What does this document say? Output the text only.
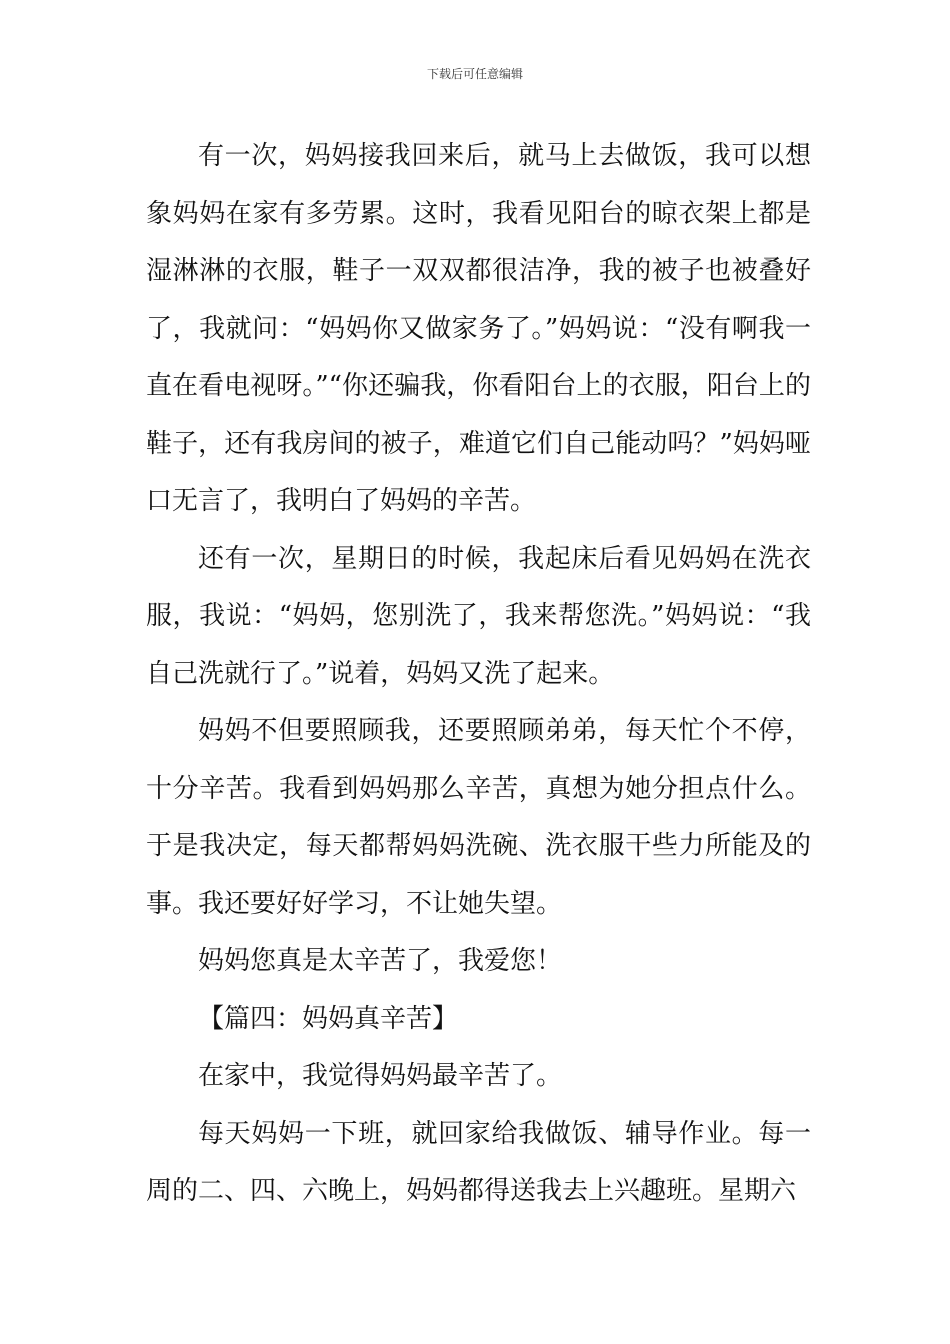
下载后可任意编辑

有一次，妈妈接我回来后，就马上去做饭，我可以想象妈妈在家有多劳累。这时，我看见阳台的晾衣架上都是湿淋淋的衣服，鞋子一双双都很洁净，我的被子也被叠好了，我就问：“妈妈你又做家务了。”妈妈说：“没有啊我一直在看电视呀。”“你还骗我，你看阳台上的衣服，阳台上的鞋子，还有我房间的被子，难道它们自己能动吗？”妈妈哑口无言了，我明白了妈妈的辛苦。

还有一次，星期日的时候，我起床后看见妈妈在洗衣服，我说：“妈妈，您别洗了，我来帮您洗。”妈妈说：“我自己洗就行了。”说着，妈妈又洗了起来。

妈妈不但要照顾我，还要照顾弟弟，每天忙个不停，十分辛苦。我看到妈妈那么辛苦，真想为她分担点什么。于是我决定，每天都帮妈妈洗碗、洗衣服干些力所能及的事。我还要好好学习，不让她失望。

妈妈您真是太辛苦了，我爱您！

【篇四：妈妈真辛苦】

在家中，我觉得妈妈最辛苦了。

每天妈妈一下班，就回家给我做饭、辅导作业。每一周的二、四、六晚上，妈妈都得送我去上兴趣班。星期六
